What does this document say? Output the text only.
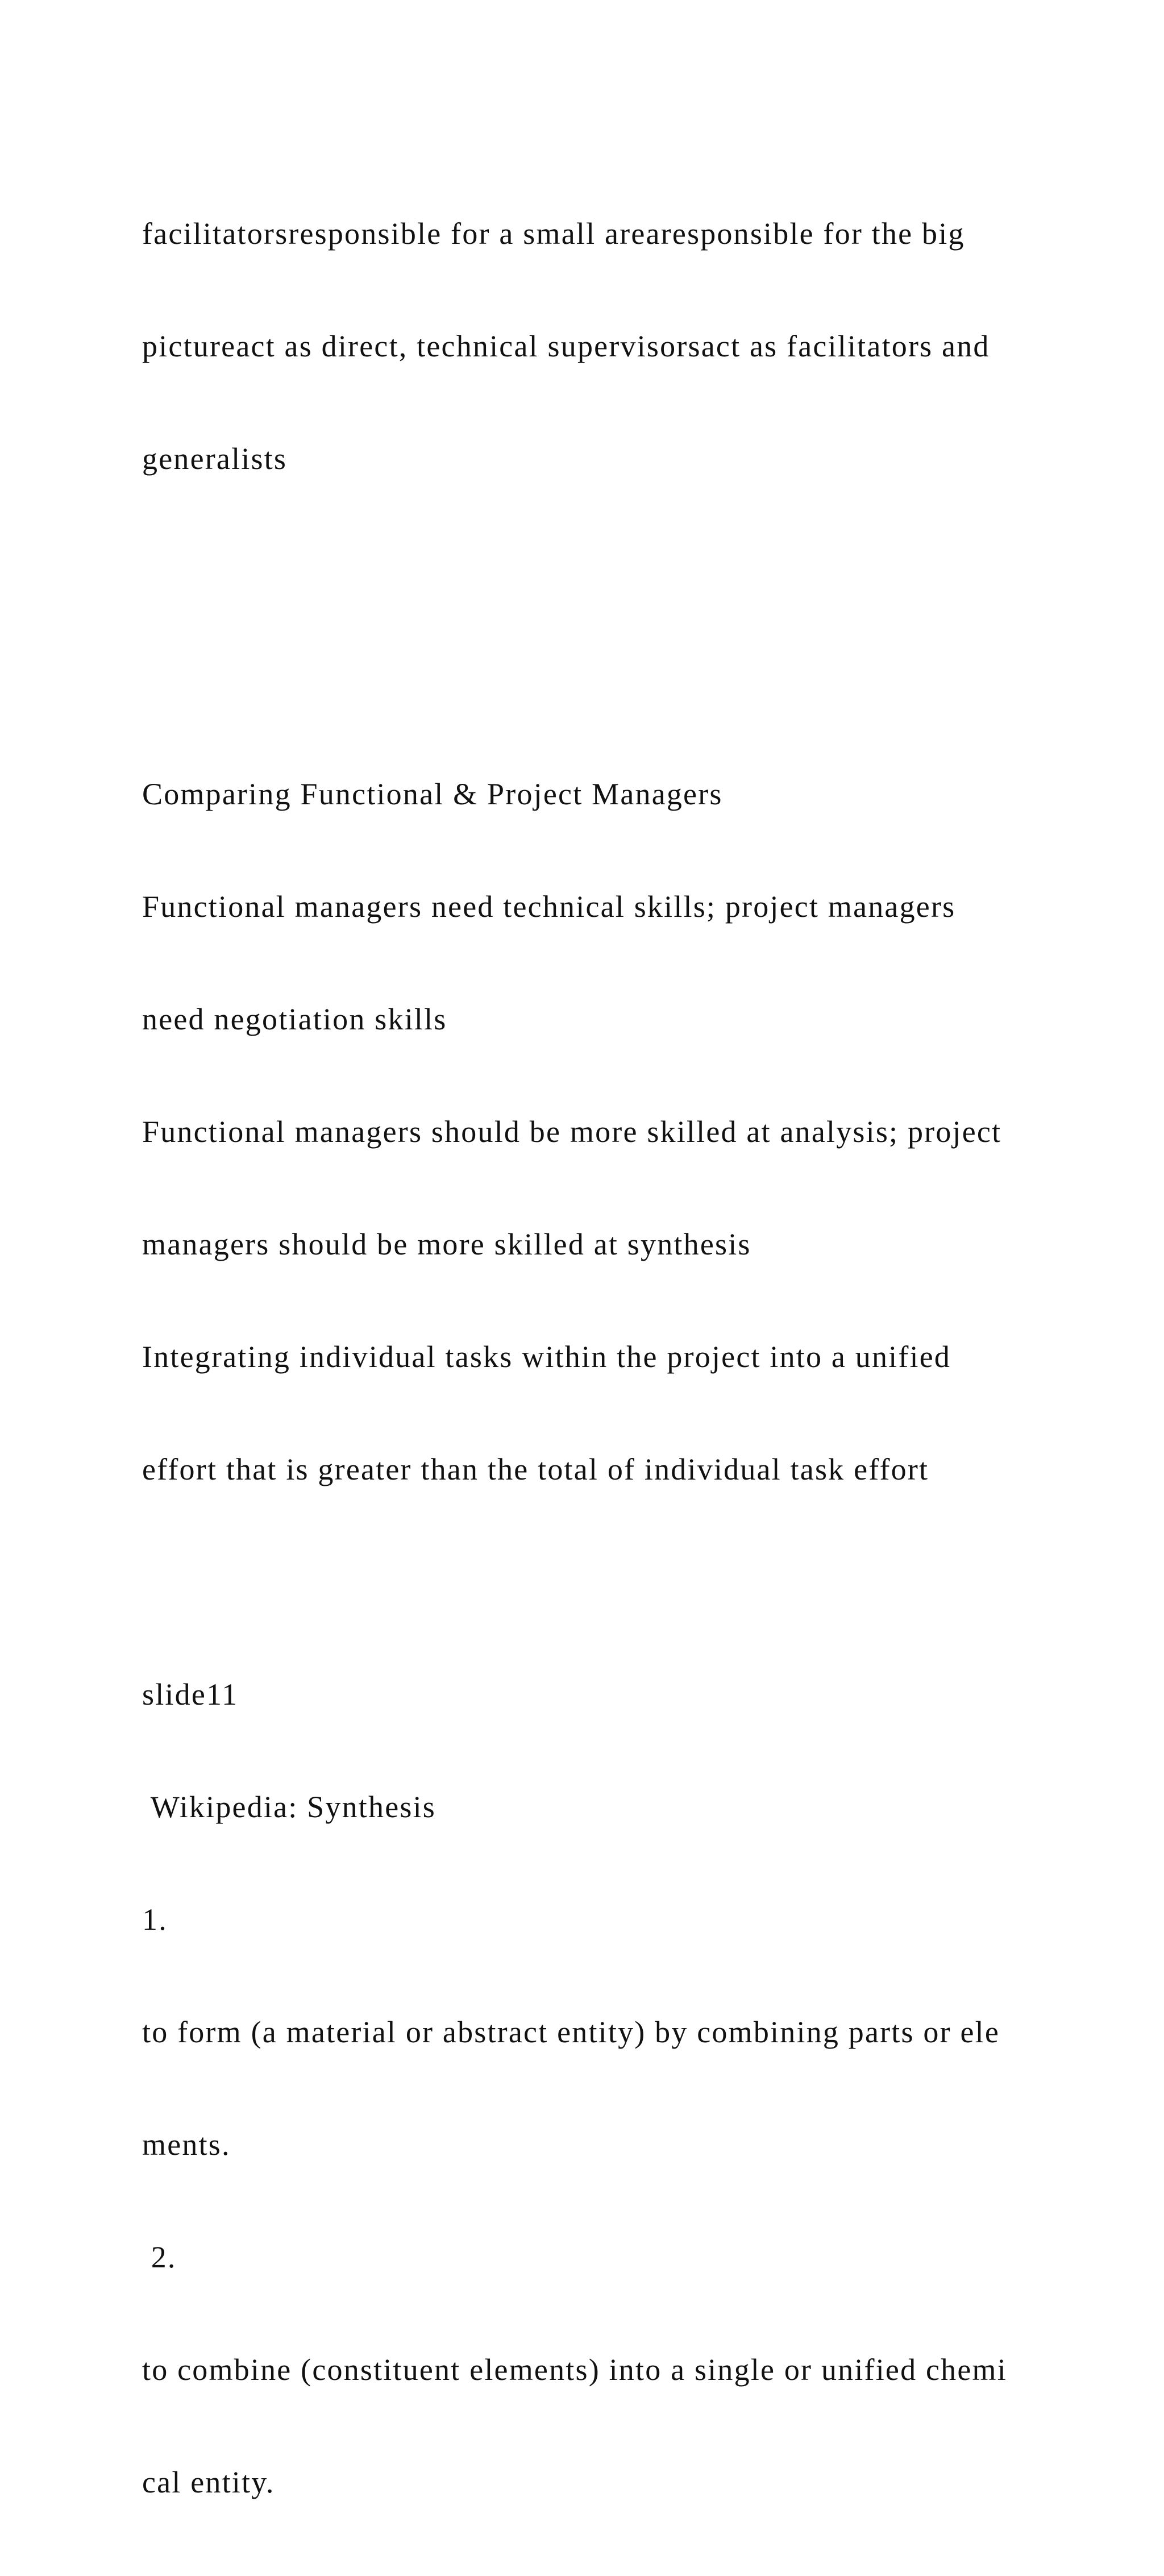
facilitatorsresponsible for a small arearesponsible for the big

pictureact as direct, technical supervisorsact as facilitators and

generalists

Comparing Functional & Project Managers

Functional managers need technical skills; project managers

need negotiation skills

Functional managers should be more skilled at analysis; project

managers should be more skilled at synthesis

Integrating individual tasks within the project into a unified

effort that is greater than the total of individual task effort

slide11

Wikipedia: Synthesis

1.

to form (a material or abstract entity) by combining parts or ele

ments.

2.

to combine (constituent elements) into a single or unified chemi

cal entity.
